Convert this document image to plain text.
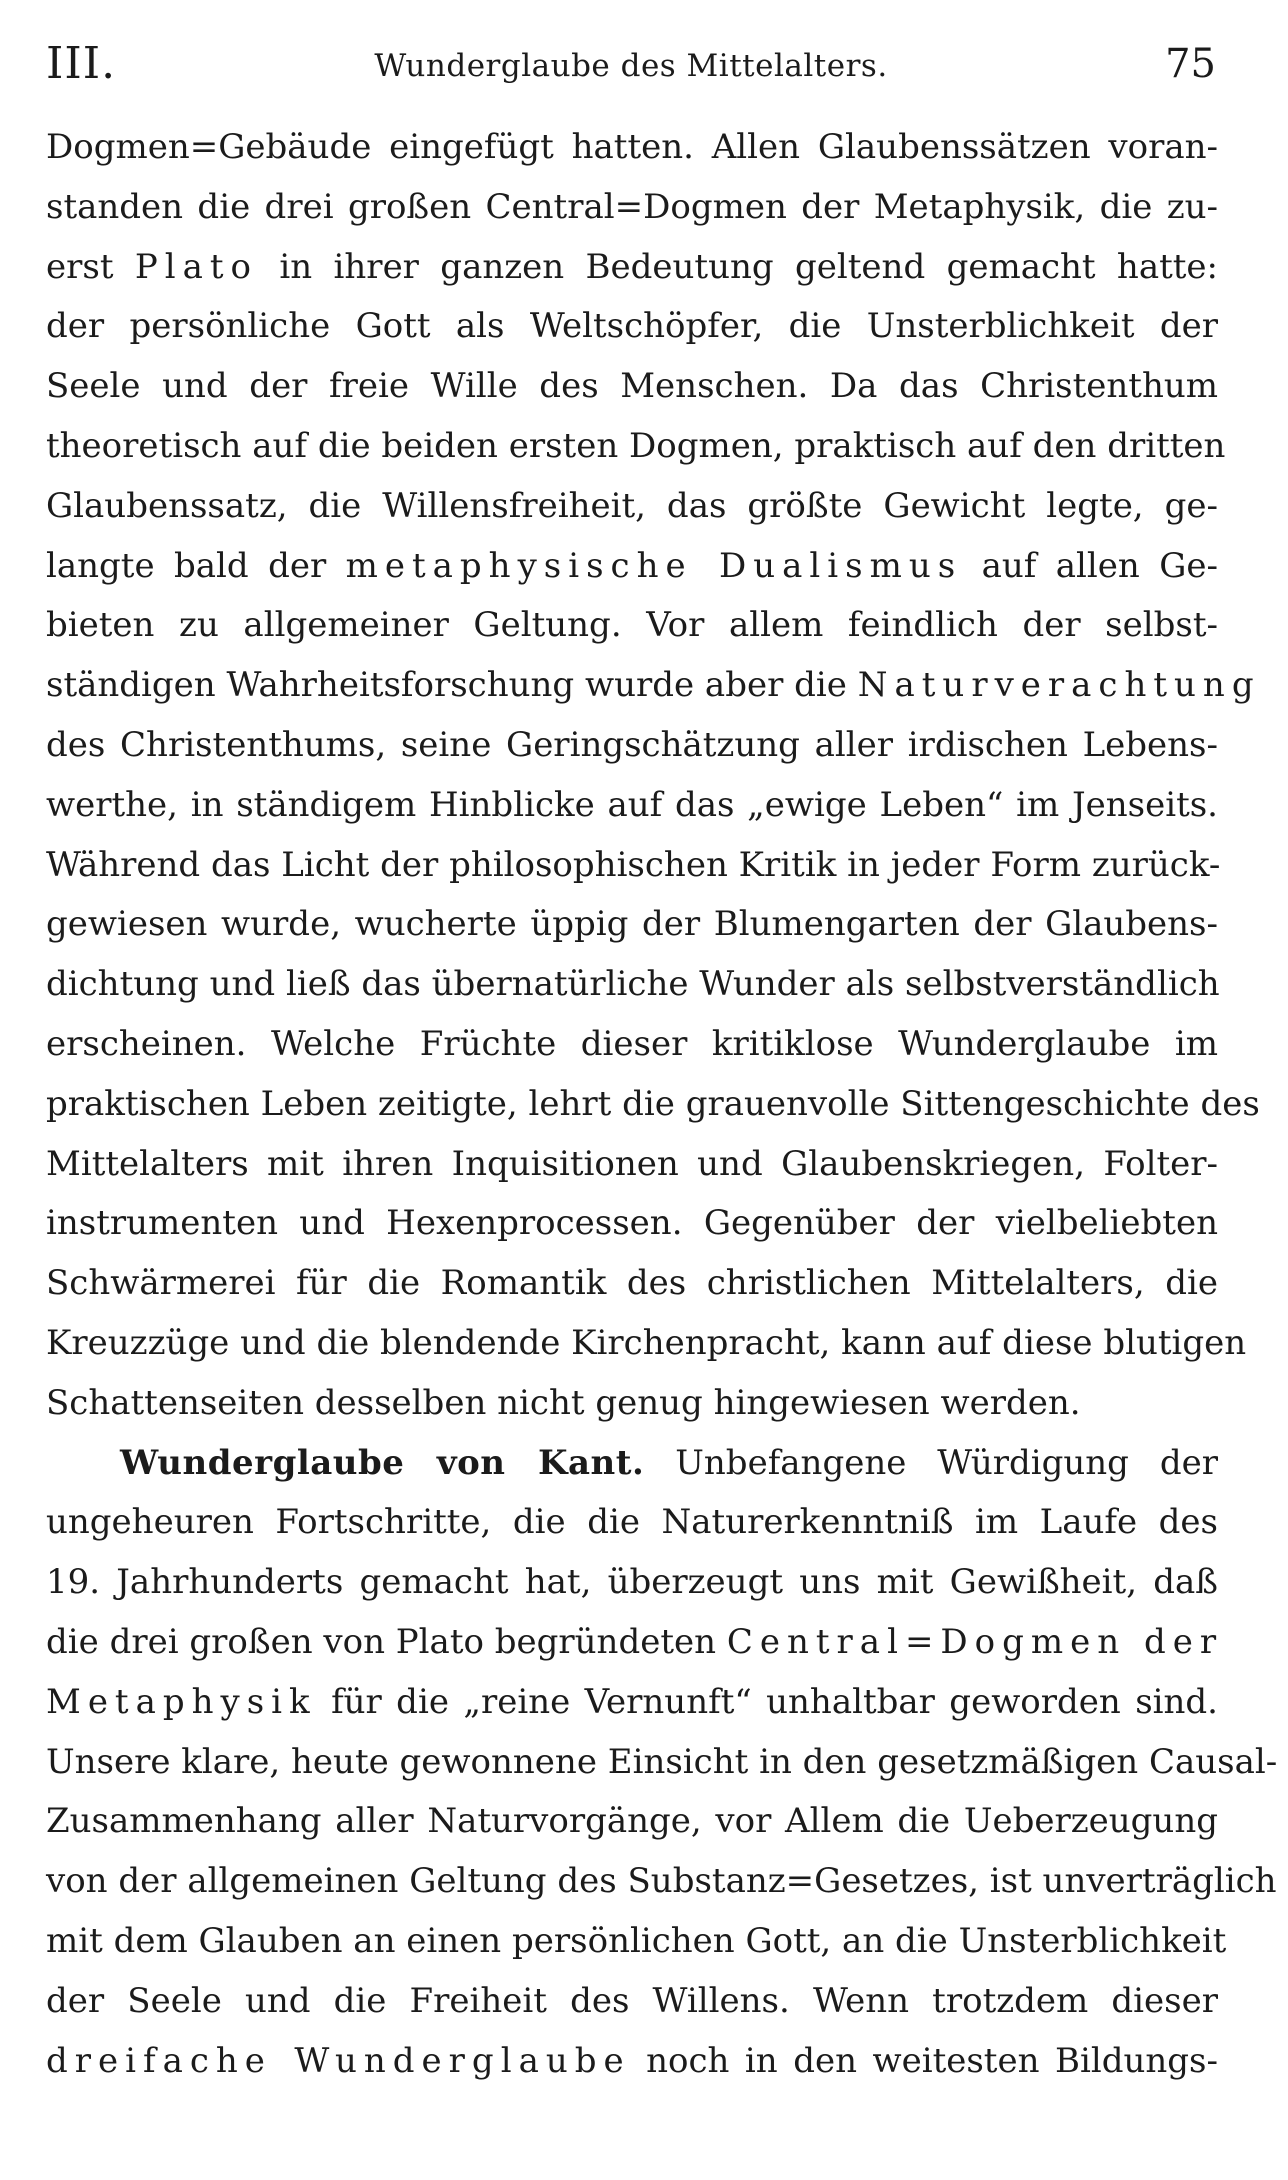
III.	Wunderglaube des Mittelalters.	75
Dogmen=Gebäude eingefügt hatten. Allen Glaubenssätzen voran-
standen die drei großen Central=Dogmen der Metaphysik, die zu-
erst Plato in ihrer ganzen Bedeutung geltend gemacht hatte:
der persönliche Gott als Weltschöpfer, die Unsterblichkeit der
Seele und der freie Wille des Menschen. Da das Christenthum
theoretisch auf die beiden ersten Dogmen, praktisch auf den dritten
Glaubenssatz, die Willensfreiheit, das größte Gewicht legte, ge-
langte bald der metaphysische Dualismus auf allen Ge-
bieten zu allgemeiner Geltung. Vor allem feindlich der selbst-
ständigen Wahrheitsforschung wurde aber die Naturverachtung
des Christenthums, seine Geringschätzung aller irdischen Lebens-
werthe, in ständigem Hinblicke auf das „ewige Leben“ im Jenseits.
Während das Licht der philosophischen Kritik in jeder Form zurück-
gewiesen wurde, wucherte üppig der Blumengarten der Glaubens-
dichtung und ließ das übernatürliche Wunder als selbstverständlich
erscheinen. Welche Früchte dieser kritiklose Wunderglaube im
praktischen Leben zeitigte, lehrt die grauenvolle Sittengeschichte des
Mittelalters mit ihren Inquisitionen und Glaubenskriegen, Folter-
instrumenten und Hexenprocessen. Gegenüber der vielbeliebten
Schwärmerei für die Romantik des christlichen Mittelalters, die
Kreuzzüge und die blendende Kirchenpracht, kann auf diese blutigen
Schattenseiten desselben nicht genug hingewiesen werden.
Wunderglaube von Kant. Unbefangene Würdigung der
ungeheuren Fortschritte, die die Naturerkenntniß im Laufe des
19. Jahrhunderts gemacht hat, überzeugt uns mit Gewißheit, daß
die drei großen von Plato begründeten Central=Dogmen der
Metaphysik für die „reine Vernunft“ unhaltbar geworden sind.
Unsere klare, heute gewonnene Einsicht in den gesetzmäßigen Causal-
Zusammenhang aller Naturvorgänge, vor Allem die Ueberzeugung
von der allgemeinen Geltung des Substanz=Gesetzes, ist unverträglich
mit dem Glauben an einen persönlichen Gott, an die Unsterblichkeit
der Seele und die Freiheit des Willens. Wenn trotzdem dieser
dreifache Wunderglaube noch in den weitesten Bildungs-
